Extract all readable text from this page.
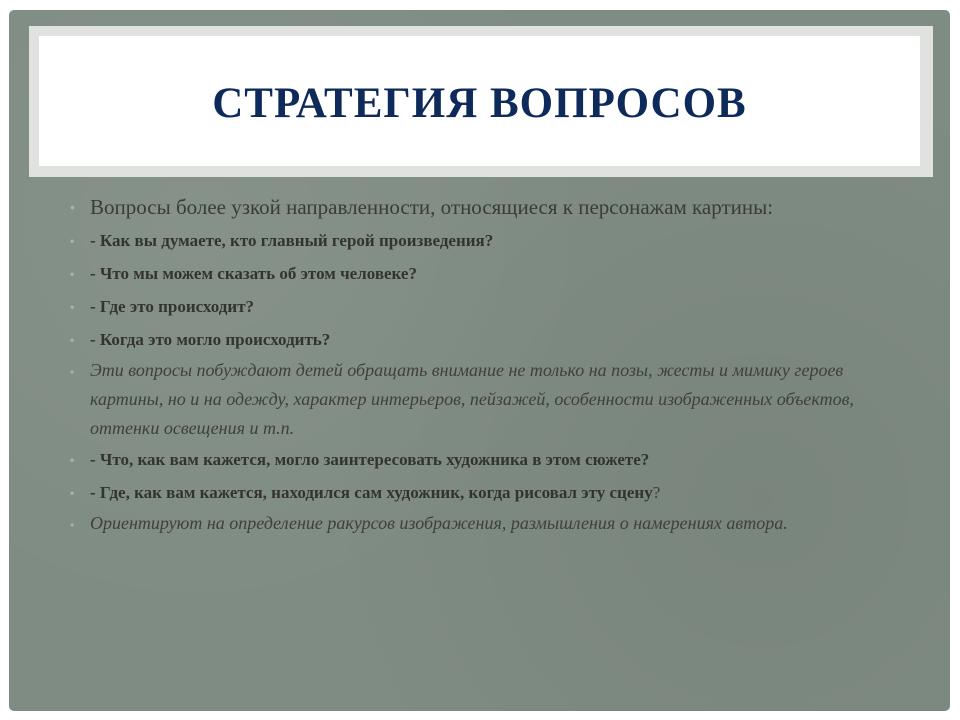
СТРАТЕГИЯ ВОПРОСОВ
• Вопросы более узкой направленности, относящиеся к персонажам картины:
• - Как вы думаете, кто главный герой произведения?
• - Что мы можем сказать об этом человеке?
• - Где это происходит?
• - Когда это могло происходить?
• Эти вопросы побуждают детей обращать внимание не только на позы, жесты и мимику героев картины, но и на одежду, характер интерьеров, пейзажей, особенности изображенных объектов, оттенки освещения и т.п.
• - Что, как вам кажется, могло заинтересовать художника в этом сюжете?
• - Где, как вам кажется, находился сам художник, когда рисовал эту сцену?
• Ориентируют на определение ракурсов изображения, размышления о намерениях автора.
